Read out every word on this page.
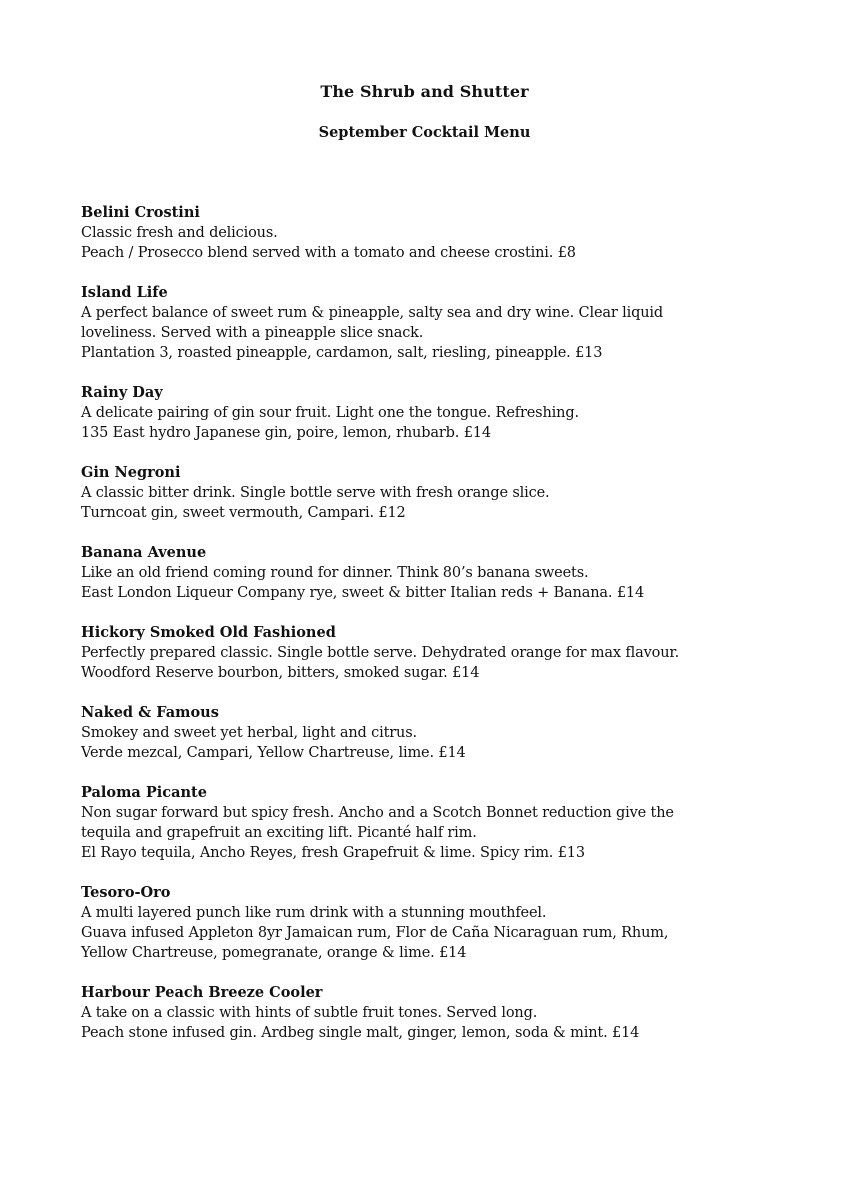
The Shrub and Shutter
September Cocktail Menu
Belini Crostini
Classic fresh and delicious.
Peach / Prosecco blend served with a tomato and cheese crostini. £8
Island Life
A perfect balance of sweet rum & pineapple, salty sea and dry wine. Clear liquid
loveliness. Served with a pineapple slice snack.
Plantation 3, roasted pineapple, cardamon, salt, riesling, pineapple. £13
Rainy Day
A delicate pairing of gin sour fruit. Light one the tongue. Refreshing.
135 East hydro Japanese gin, poire, lemon, rhubarb. £14
Gin Negroni
A classic bitter drink. Single bottle serve with fresh orange slice.
Turncoat gin, sweet vermouth, Campari. £12
Banana Avenue
Like an old friend coming round for dinner. Think 80’s banana sweets.
East London Liqueur Company rye, sweet & bitter Italian reds + Banana. £14
Hickory Smoked Old Fashioned
Perfectly prepared classic. Single bottle serve. Dehydrated orange for max flavour.
Woodford Reserve bourbon, bitters, smoked sugar. £14
Naked & Famous
Smokey and sweet yet herbal, light and citrus.
Verde mezcal, Campari, Yellow Chartreuse, lime. £14
Paloma Picante
Non sugar forward but spicy fresh. Ancho and a Scotch Bonnet reduction give the
tequila and grapefruit an exciting lift. Picanté half rim.
El Rayo tequila, Ancho Reyes, fresh Grapefruit & lime. Spicy rim. £13
Tesoro-Oro
A multi layered punch like rum drink with a stunning mouthfeel.
Guava infused Appleton 8yr Jamaican rum, Flor de Caña Nicaraguan rum, Rhum,
Yellow Chartreuse, pomegranate, orange & lime. £14
Harbour Peach Breeze Cooler
A take on a classic with hints of subtle fruit tones. Served long.
Peach stone infused gin. Ardbeg single malt, ginger, lemon, soda & mint. £14
